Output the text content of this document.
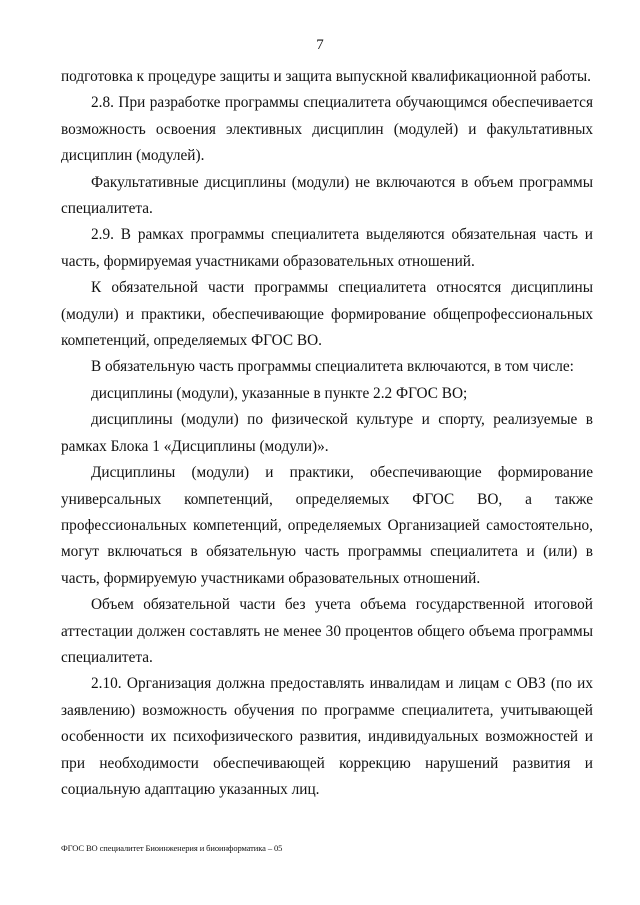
7

подготовка к процедуре защиты и защита выпускной квалификационной работы.

2.8. При разработке программы специалитета обучающимся обеспечивается возможность освоения элективных дисциплин (модулей) и факультативных дисциплин (модулей).

Факультативные дисциплины (модули) не включаются в объем программы специалитета.

2.9. В рамках программы специалитета выделяются обязательная часть и часть, формируемая участниками образовательных отношений.

К обязательной части программы специалитета относятся дисциплины (модули) и практики, обеспечивающие формирование общепрофессиональных компетенций, определяемых ФГОС ВО.

В обязательную часть программы специалитета включаются, в том числе:

дисциплины (модули), указанные в пункте 2.2 ФГОС ВО;

дисциплины (модули) по физической культуре и спорту, реализуемые в рамках Блока 1 «Дисциплины (модули)».

Дисциплины (модули) и практики, обеспечивающие формирование универсальных компетенций, определяемых ФГОС ВО, а также профессиональных компетенций, определяемых Организацией самостоятельно, могут включаться в обязательную часть программы специалитета и (или) в часть, формируемую участниками образовательных отношений.

Объем обязательной части без учета объема государственной итоговой аттестации должен составлять не менее 30 процентов общего объема программы специалитета.

2.10. Организация должна предоставлять инвалидам и лицам с ОВЗ (по их заявлению) возможность обучения по программе специалитета, учитывающей особенности их психофизического развития, индивидуальных возможностей и при необходимости обеспечивающей коррекцию нарушений развития и социальную адаптацию указанных лиц.

ФГОС ВО специалитет Биоинженерия и биоинформатика – 05
